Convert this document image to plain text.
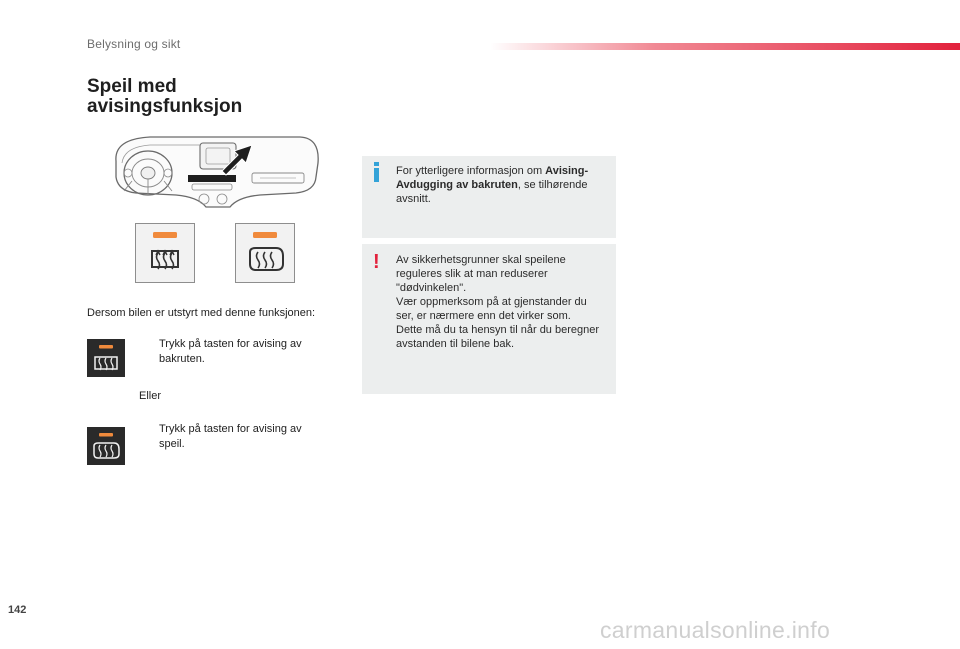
Belysning og sikt
Speil med
avisingsfunksjon
Dersom bilen er utstyrt med denne funksjonen:
Trykk på tasten for avising av bakruten.
Eller
Trykk på tasten for avising av speil.
For ytterligere informasjon om Avising-Avdugging av bakruten, se tilhørende avsnitt.
! Av sikkerhetsgrunner skal speilene reguleres slik at man reduserer "dødvinkelen".
Vær oppmerksom på at gjenstander du ser, er nærmere enn det virker som.
Dette må du ta hensyn til når du beregner avstanden til bilene bak.
142
carmanualsonline.info
